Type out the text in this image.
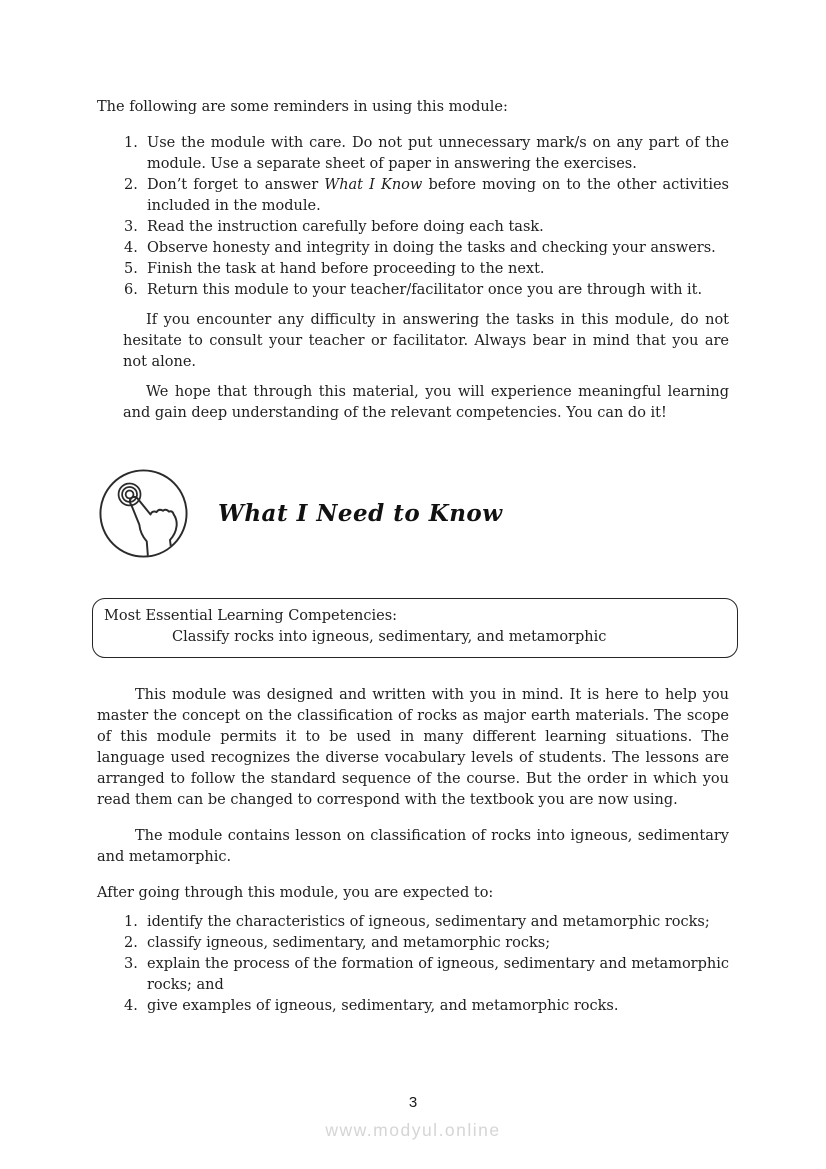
The following are some reminders in using this module:

1. Use the module with care. Do not put unnecessary mark/s on any part of the module. Use a separate sheet of paper in answering the exercises.
2. Don’t forget to answer What I Know before moving on to the other activities included in the module.
3. Read the instruction carefully before doing each task.
4. Observe honesty and integrity in doing the tasks and checking your answers.
5. Finish the task at hand before proceeding to the next.
6. Return this module to your teacher/facilitator once you are through with it.

If you encounter any difficulty in answering the tasks in this module, do not hesitate to consult your teacher or facilitator. Always bear in mind that you are not alone.

We hope that through this material, you will experience meaningful learning and gain deep understanding of the relevant competencies. You can do it!

What I Need to Know

Most Essential Learning Competencies:

Classify rocks into igneous, sedimentary, and metamorphic

This module was designed and written with you in mind. It is here to help you master the concept on the classification of rocks as major earth materials. The scope of this module permits it to be used in many different learning situations. The language used recognizes the diverse vocabulary levels of students. The lessons are arranged to follow the standard sequence of the course. But the order in which you read them can be changed to correspond with the textbook you are now using.

The module contains lesson on classification of rocks into igneous, sedimentary and metamorphic.

After going through this module, you are expected to:

1. identify the characteristics of igneous, sedimentary and metamorphic rocks;
2. classify igneous, sedimentary, and metamorphic rocks;
3. explain the process of the formation of igneous, sedimentary and metamorphic rocks; and
4. give examples of igneous, sedimentary, and metamorphic rocks.
3
www.modyul.online
